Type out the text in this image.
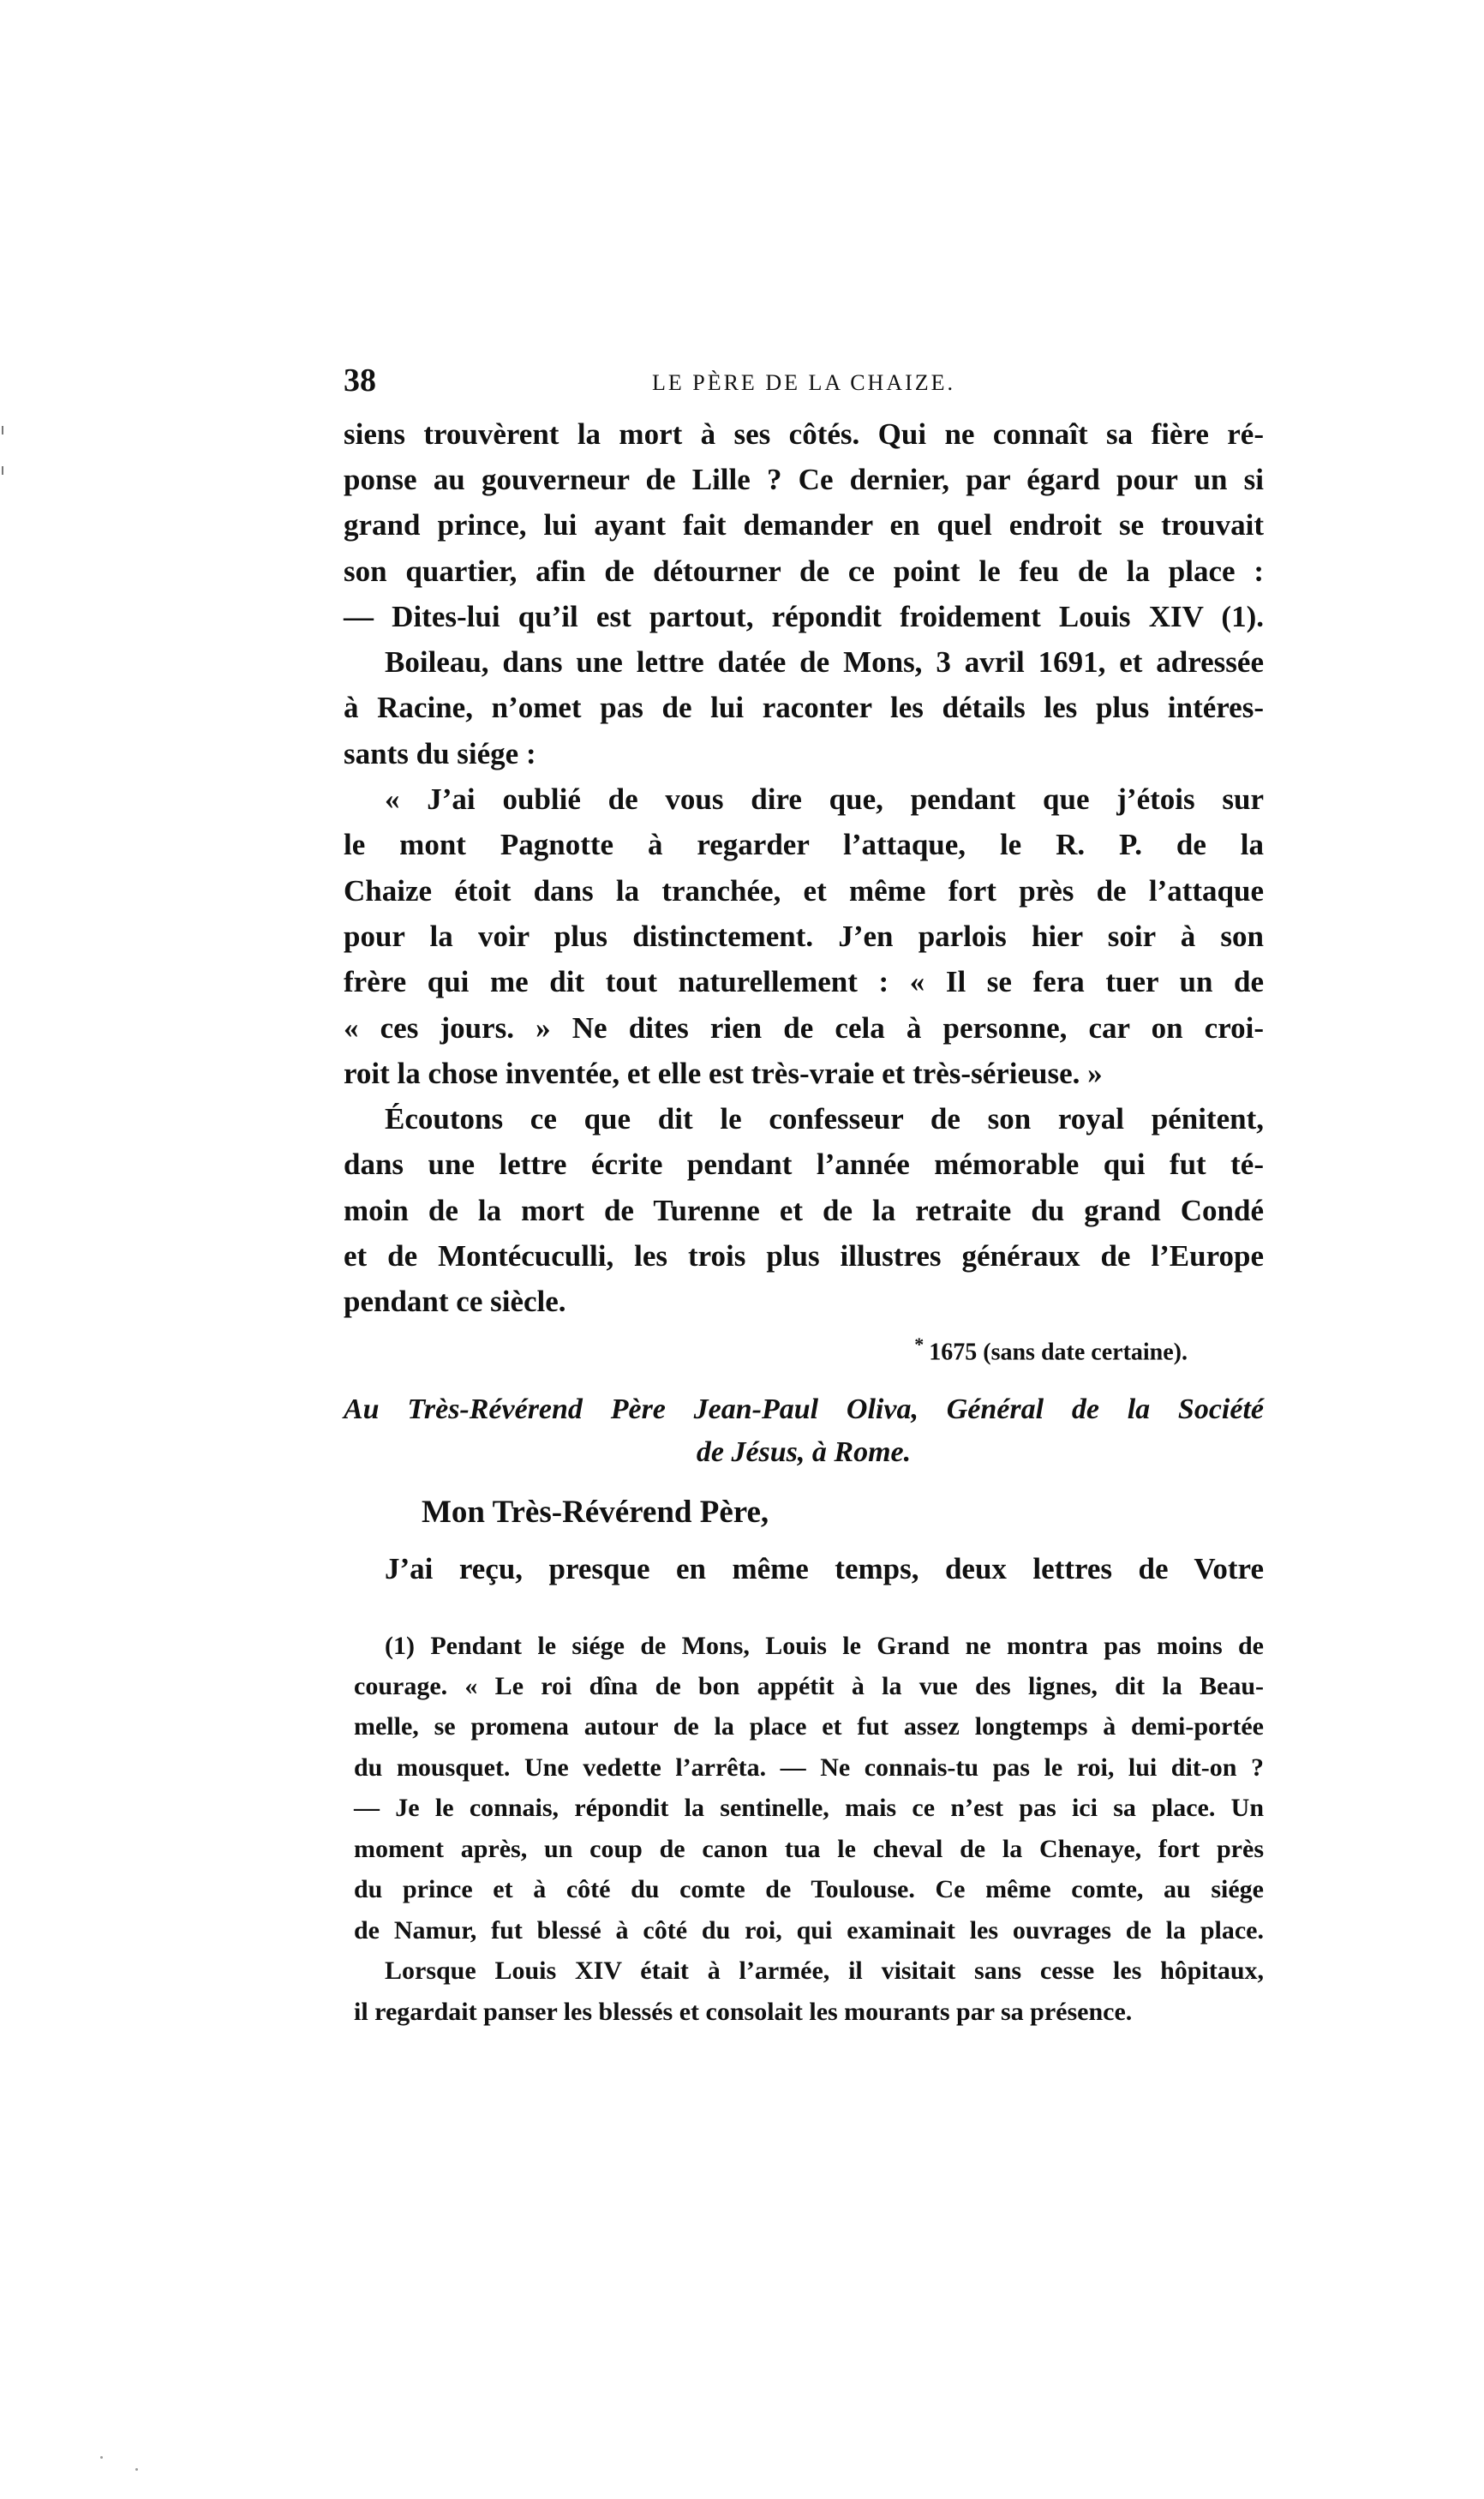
38	LE PÈRE DE LA CHAIZE.
siens trouvèrent la mort à ses côtés. Qui ne connaît sa fière ré-
ponse au gouverneur de Lille ? Ce dernier, par égard pour un si
grand prince, lui ayant fait demander en quel endroit se trouvait
son quartier, afin de détourner de ce point le feu de la place :
— Dites-lui qu’il est partout, répondit froidement Louis XIV (1).
Boileau, dans une lettre datée de Mons, 3 avril 1691, et adressée
à Racine, n’omet pas de lui raconter les détails les plus intéres-
sants du siége :
« J’ai oublié de vous dire que, pendant que j’étois sur
le mont Pagnotte à regarder l’attaque, le R. P. de la
Chaize étoit dans la tranchée, et même fort près de l’attaque
pour la voir plus distinctement. J’en parlois hier soir à son
frère qui me dit tout naturellement : « Il se fera tuer un de
« ces jours. » Ne dites rien de cela à personne, car on croi-
roit la chose inventée, et elle est très-vraie et très-sérieuse. »
Écoutons ce que dit le confesseur de son royal pénitent,
dans une lettre écrite pendant l’année mémorable qui fut té-
moin de la mort de Turenne et de la retraite du grand Condé
et de Montécuculli, les trois plus illustres généraux de l’Europe
pendant ce siècle.
* 1675 (sans date certaine).
Au Très-Révérend Père Jean-Paul Oliva, Général de la Société
de Jésus, à Rome.
Mon Très-Révérend Père,
J’ai reçu, presque en même temps, deux lettres de Votre
(1) Pendant le siége de Mons, Louis le Grand ne montra pas moins de
courage. « Le roi dîna de bon appétit à la vue des lignes, dit la Beau-
melle, se promena autour de la place et fut assez longtemps à demi-portée
du mousquet. Une vedette l’arrêta. — Ne connais-tu pas le roi, lui dit-on ?
— Je le connais, répondit la sentinelle, mais ce n’est pas ici sa place. Un
moment après, un coup de canon tua le cheval de la Chenaye, fort près
du prince et à côté du comte de Toulouse. Ce même comte, au siége
de Namur, fut blessé à côté du roi, qui examinait les ouvrages de la place.
Lorsque Louis XIV était à l’armée, il visitait sans cesse les hôpitaux,
il regardait panser les blessés et consolait les mourants par sa présence.
